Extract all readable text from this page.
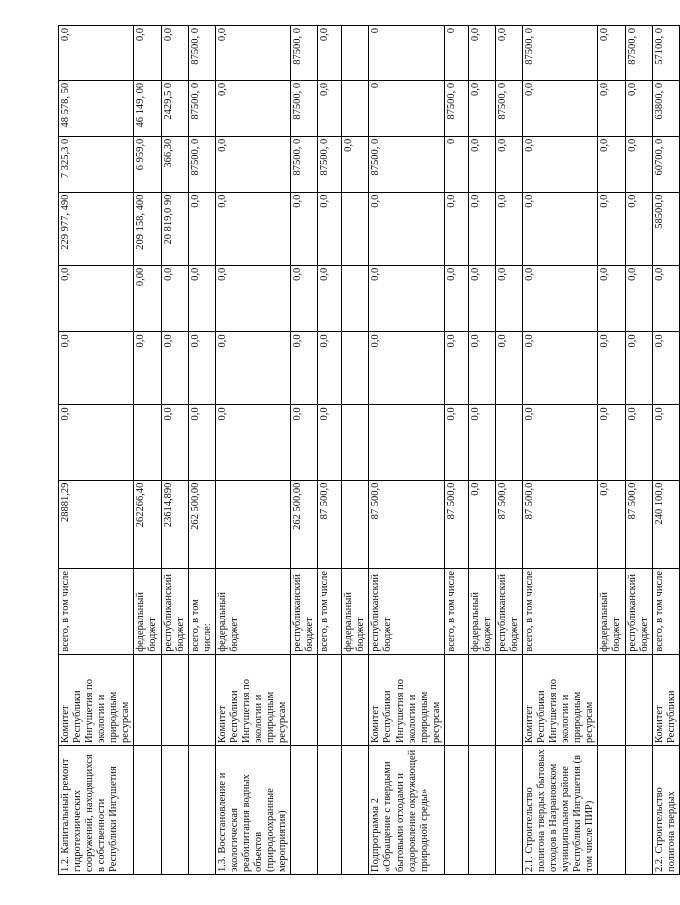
1.2. Капитальный ремонт гидротехнических сооружений, находящихся в собственности Республики Ингушетия	Комитет Республики Ингушетия по экологии и природным ресурсам	всего, в том числе	28881,29	0,0	0,0	0,0	229 977, 490	7 325,3 0	48 578, 50	0,0
		федеральный бюджет	262266,40		0,0	0,00	209 158, 400	6 959,0	46 149, 00	0,0
		республиканский бюджет	23614,890	0,0	0,0	0,0	20 819,0 90	366,30	2429,5 0	0,0
		всего, в том числе:	262 500,00	0,0	0,0	0,0	0,0	87500, 0	87500, 0	87500, 0
1.3. Восстановление и экологическая реабилитация водных объектов (природоохранные мероприятия)	Комитет Республики Ингушетия по экологии и природным ресурсам	федеральный бюджет		0,0	0,0	0,0	0,0	0,0	0,0	0,0
		республиканский бюджет	262 500,00	0,0	0,0	0,0	0,0	87500, 0	87500, 0	87500, 0
		всего, в том числе	87 500,0	0,0	0,0	0,0	0,0	87500, 0	0,0	0,0
		федеральный бюджет						0,0		
Подпрограмма 2 «Обращение с твердыми бытовыми отходами и оздоровление окружающей природной среды»	Комитет Республики Ингушетия по экологии и природным ресурсам	республиканский бюджет	87 500,0		0,0	0,0	0,0	87500, 0	0	0
		всего, в том числе	87 500,0	0,0	0,0	0,0	0,0	0	87500, 0	0
		федеральный бюджет	0,0	0,0	0,0	0,0	0,0	0,0	0,0	0,0
		республиканский бюджет	87 500,0		0,0	0,0	0,0	0,0	87500, 0	0,0
2.1. Строительство полигона твердых бытовых отходов в Назрановском муниципальном районе Республики Ингушетия (в том числе ПИР)	Комитет Республики Ингушетия по экологии и природным ресурсам	всего, в том числе	87 500,0	0,0	0,0	0,0	0,0	0,0	0,0	87500, 0
		федеральный бюджет	0,0	0,0	0,0	0,0	0,0	0,0	0,0	0,0
		республиканский бюджет	87 500,0	0,0	0,0	0,0	0,0	0,0	0,0	87500, 0
2.2. Строительство полигона твердых	Комитет Республики	всего, в том числе	240 100,0	0,0	0,0	0,0	58500,0	60700, 0	63800, 0	57100, 0
